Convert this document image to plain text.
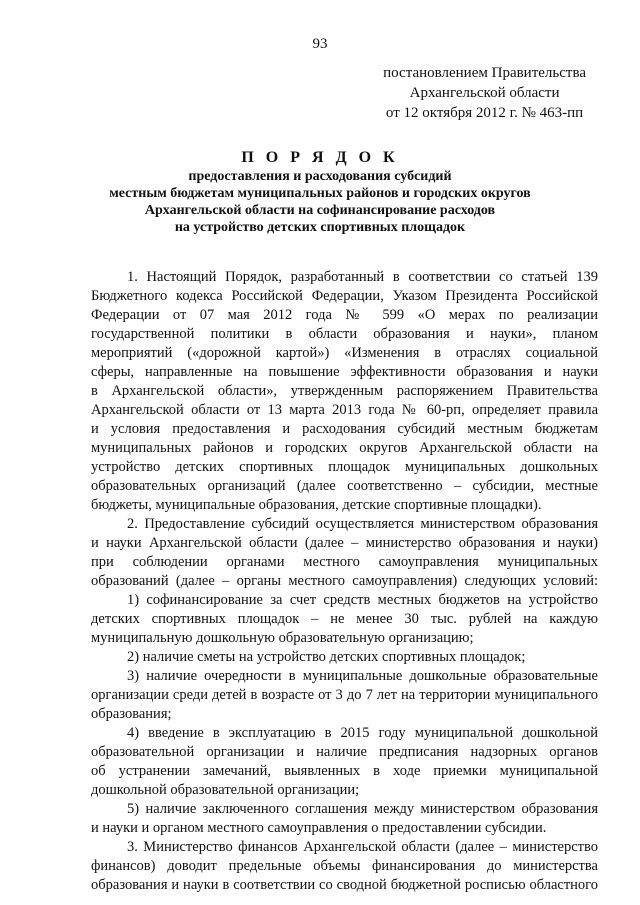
93
постановлением Правительства
Архангельской области
от 12 октября 2012 г. № 463-пп
П О Р Я Д О К
предоставления и расходования субсидий
местным бюджетам муниципальных районов и городских округов
Архангельской области на софинансирование расходов
на устройство детских спортивных площадок
1. Настоящий Порядок, разработанный в соответствии со статьей 139
Бюджетного кодекса Российской Федерации, Указом Президента Российской
Федерации от 07 мая 2012 года № 599 «О мерах по реализации
государственной политики в области образования и науки», планом
мероприятий («дорожной картой») «Изменения в отраслях социальной
сферы, направленные на повышение эффективности образования и науки
в Архангельской области», утвержденным распоряжением Правительства
Архангельской области от 13 марта 2013 года № 60-рп, определяет правила
и условия предоставления и расходования субсидий местным бюджетам
муниципальных районов и городских округов Архангельской области на
устройство детских спортивных площадок муниципальных дошкольных
образовательных организаций (далее соответственно – субсидии, местные
бюджеты, муниципальные образования, детские спортивные площадки).
2. Предоставление субсидий осуществляется министерством образования
и науки Архангельской области (далее – министерство образования и науки)
при соблюдении органами местного самоуправления муниципальных
образований (далее – органы местного самоуправления) следующих условий:
1) софинансирование за счет средств местных бюджетов на устройство
детских спортивных площадок – не менее 30 тыс. рублей на каждую
муниципальную дошкольную образовательную организацию;
2) наличие сметы на устройство детских спортивных площадок;
3) наличие очередности в муниципальные дошкольные образовательные
организации среди детей в возрасте от 3 до 7 лет на территории муниципального
образования;
4) введение в эксплуатацию в 2015 году муниципальной дошкольной
образовательной организации и наличие предписания надзорных органов
об устранении замечаний, выявленных в ходе приемки муниципальной
дошкольной образовательной организации;
5) наличие заключенного соглашения между министерством образования
и науки и органом местного самоуправления о предоставлении субсидии.
3. Министерство финансов Архангельской области (далее – министерство
финансов) доводит предельные объемы финансирования до министерства
образования и науки в соответствии со сводной бюджетной росписью областного
